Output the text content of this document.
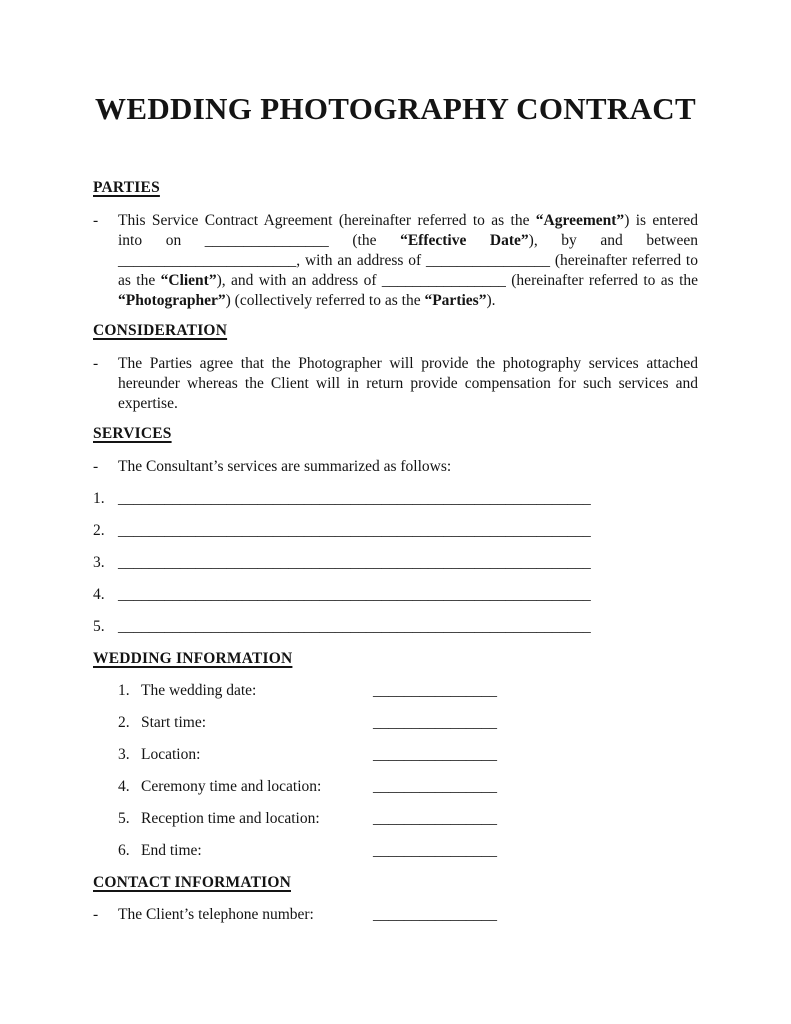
WEDDING PHOTOGRAPHY CONTRACT
PARTIES
-	This Service Contract Agreement (hereinafter referred to as the “Agreement”) is entered into on ________________ (the “Effective Date”), by and between _______________________, with an address of ________________ (hereinafter referred to as the “Client”), and with an address of ________________ (hereinafter referred to as the “Photographer”) (collectively referred to as the “Parties”).

CONSIDERATION
-	The Parties agree that the Photographer will provide the photography services attached hereunder whereas the Client will in return provide compensation for such services and expertise.

SERVICES
-	The Consultant’s services are summarized as follows:

1. _____________________________________________________________
2. _____________________________________________________________
3. _____________________________________________________________
4. _____________________________________________________________
5. _____________________________________________________________
WEDDING INFORMATION
1. The wedding date:	________________
2. Start time:	________________
3. Location:	________________
4. Ceremony time and location:	________________
5. Reception time and location:	________________
6. End time:	________________
CONTACT INFORMATION
-	The Client’s telephone number:	________________
